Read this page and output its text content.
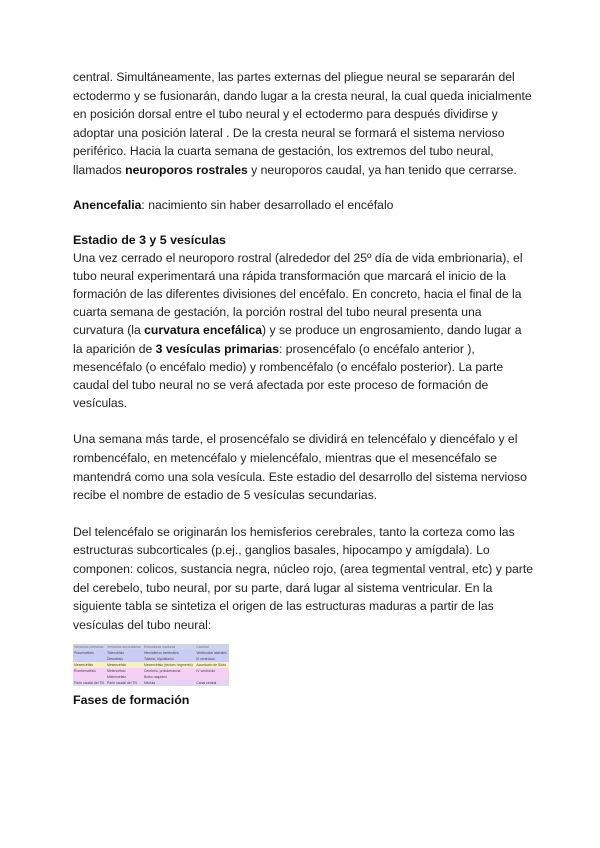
central. Simultáneamente, las partes externas del pliegue neural se separarán del ectodermo y se fusionarán, dando lugar a la cresta neural, la cual queda inicialmente en posición dorsal entre el tubo neural y el ectodermo para después dividirse y adoptar una posición lateral . De la cresta neural se formará el sistema nervioso periférico. Hacia la cuarta semana de gestación, los extremos del tubo neural, llamados neuroporos rostrales y neuroporos caudal, ya han tenido que cerrarse.

Anencefalia: nacimiento sin haber desarrollado el encéfalo

Estadio de 3 y 5 vesículas

Una vez cerrado el neuroporo rostral (alrededor del 25º día de vida embrionaria), el tubo neural experimentará una rápida transformación que marcará el inicio de la formación de las diferentes divisiones del encéfalo. En concreto, hacia el final de la cuarta semana de gestación, la porción rostral del tubo neural presenta una curvatura (la curvatura encefálica) y se produce un engrosamiento, dando lugar a la aparición de 3 vesículas primarias: prosencéfalo (o encéfalo anterior ), mesencéfalo (o encéfalo medio) y rombencéfalo (o encéfalo posterior). La parte caudal del tubo neural no se verá afectada por este proceso de formación de vesículas.

Una semana más tarde, el prosencéfalo se dividirá en telencéfalo y diencéfalo y el rombencéfalo, en metencéfalo y mielencéfalo, mientras que el mesencéfalo se mantendrá como una sola vesícula. Este estadio del desarrollo del sistema nervioso recibe el nombre de estadio de 5 vesículas secundarias.

Del telencéfalo se originarán los hemisferios cerebrales, tanto la corteza como las estructuras subcorticales (p.ej., ganglios basales, hipocampo y amígdala). Lo componen: colicos, sustancia negra, núcleo rojo, (area tegmental ventral, etc) y parte del cerebelo, tubo neural, por su parte, dará lugar al sistema ventricular. En la siguiente tabla se sintetiza el origen de las estructuras maduras a partir de las vesículas del tubo neural:

Vesículas primarias	Vesículas secundarias	Estructuras maduras	Cavidad
Prosencéfalo	Telencéfalo	Hemisferios cerebrales	Ventrículos laterales
	Diencéfalo	Tálamo, hipotálamo	III ventrículo
Mesencéfalo	Mesencéfalo	Mesencéfalo (tectum, tegmento)	Acueducto de Silvio
Rombencéfalo	Metencéfalo	Cerebelo, protuberancia	IV ventrículo
	Mielencéfalo	Bulbo raquídeo	
Parte caudal del TN	Parte caudal del TN	Médula	Canal central
Fases de formación
